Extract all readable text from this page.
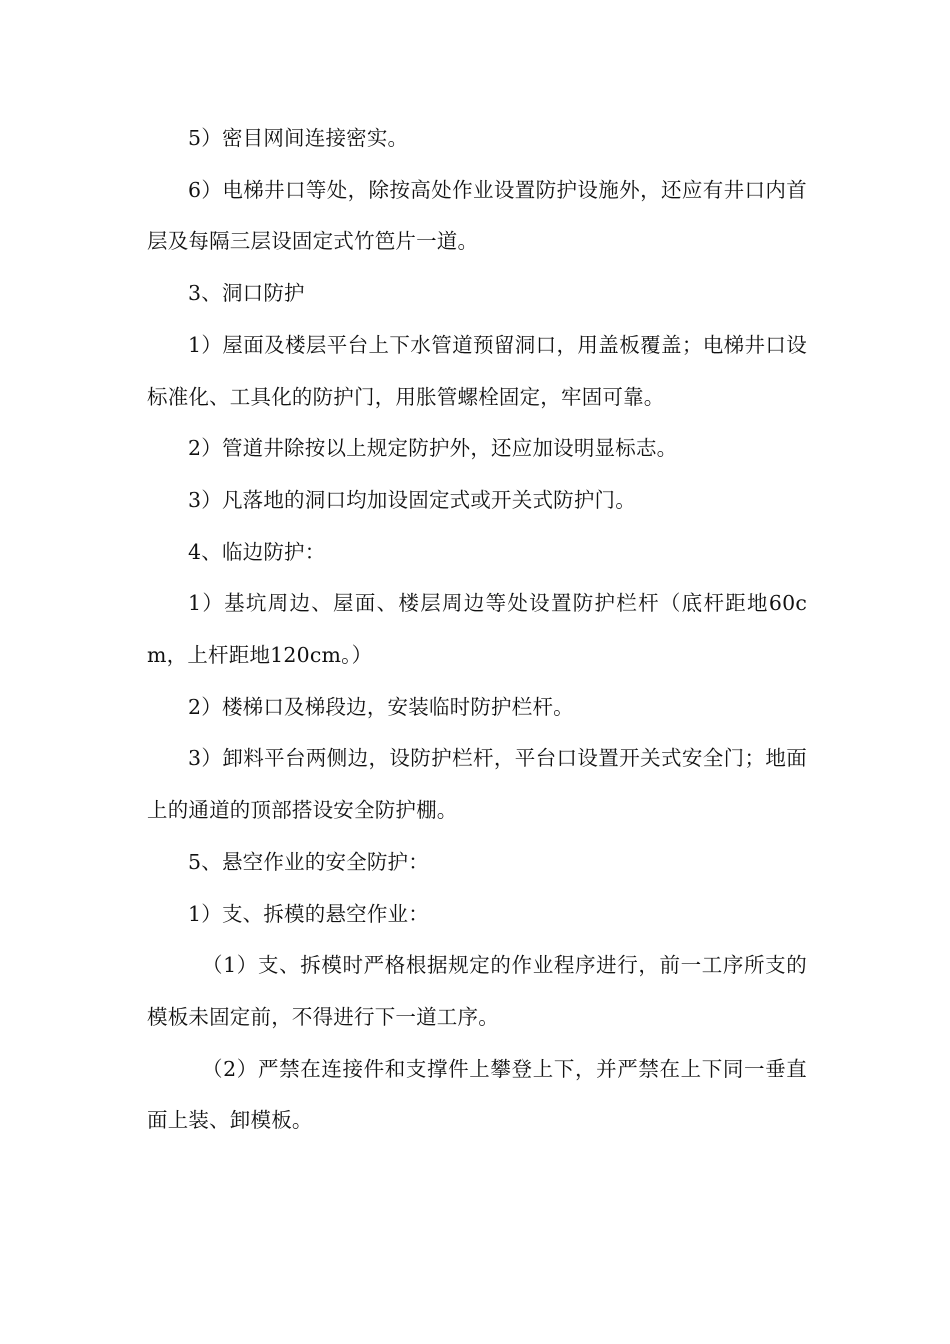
5）密目网间连接密实。

6）电梯井口等处，除按高处作业设置防护设施外，还应有井口内首层及每隔三层设固定式竹笆片一道。

3、洞口防护

1）屋面及楼层平台上下水管道预留洞口，用盖板覆盖；电梯井口设标准化、工具化的防护门，用胀管螺栓固定，牢固可靠。

2）管道井除按以上规定防护外，还应加设明显标志。

3）凡落地的洞口均加设固定式或开关式防护门。

4、临边防护：

1）基坑周边、屋面、楼层周边等处设置防护栏杆（底杆距地60cm，上杆距地120cm。）

2）楼梯口及梯段边，安装临时防护栏杆。

3）卸料平台两侧边，设防护栏杆，平台口设置开关式安全门；地面上的通道的顶部搭设安全防护棚。

5、悬空作业的安全防护：

1）支、拆模的悬空作业：

（1）支、拆模时严格根据规定的作业程序进行，前一工序所支的模板未固定前，不得进行下一道工序。

（2）严禁在连接件和支撑件上攀登上下，并严禁在上下同一垂直面上装、卸模板。
